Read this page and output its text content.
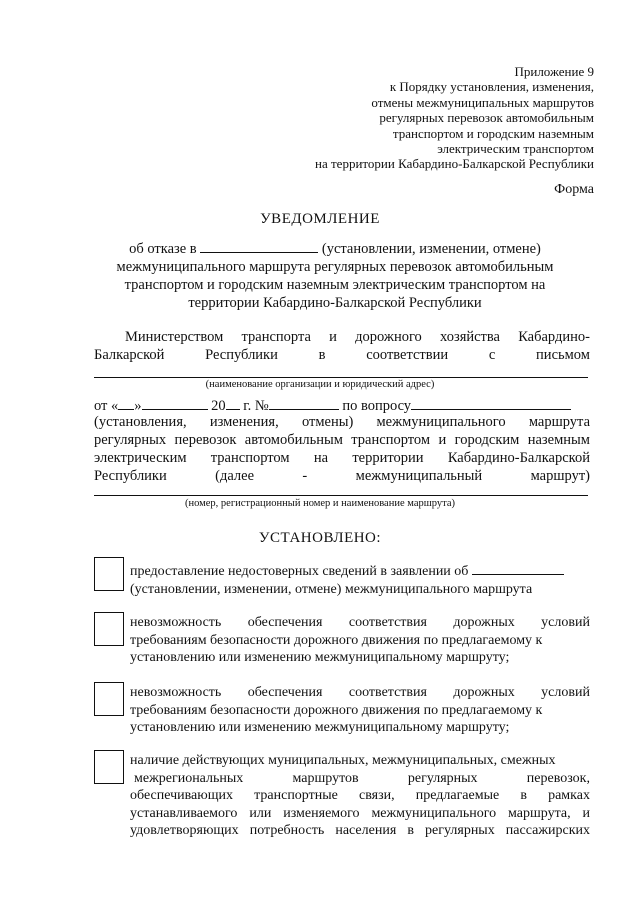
Приложение 9
к Порядку установления, изменения,
отмены межмуниципальных маршрутов
регулярных перевозок автомобильным
транспортом и городским наземным
электрическим транспортом
на территории Кабардино-Балкарской Республики
Форма
УВЕДОМЛЕНИЕ
об отказе в	(установлении, изменении, отмене)
межмуниципального маршрута регулярных перевозок автомобильным
транспортом и городским наземным электрическим транспортом на
территории Кабардино-Балкарской Республики
Министерством транспорта и дорожного хозяйства Кабардино-
Балкарской	Республики	в	соответствии	с	письмом
(наименование организации и юридический адрес)
от « »	20 г. №	по вопросу
(установления, изменения, отмены) межмуниципального маршрута
регулярных перевозок автомобильным транспортом и городским наземным
электрическим транспортом на территории Кабардино-Балкарской
Республики	(далее	-	межмуниципальный	маршрут)
(номер, регистрационный номер и наименование маршрута)
УСТАНОВЛЕНО:
предоставление недостоверных сведений в заявлении об
(установлении, изменении, отмене) межмуниципального маршрута
невозможность обеспечения соответствия дорожных условий
требованиям безопасности дорожного движения по предлагаемому к
установлению или изменению межмуниципальному маршруту;
невозможность обеспечения соответствия дорожных условий
требованиям безопасности дорожного движения по предлагаемому к
установлению или изменению межмуниципальному маршруту;
наличие действующих муниципальных, межмуниципальных, смежных
межрегиональных	маршрутов	регулярных	перевозок,
обеспечивающих транспортные связи, предлагаемые в рамках
устанавливаемого или изменяемого межмуниципального маршрута, и
удовлетворяющих потребность населения в регулярных пассажирских
